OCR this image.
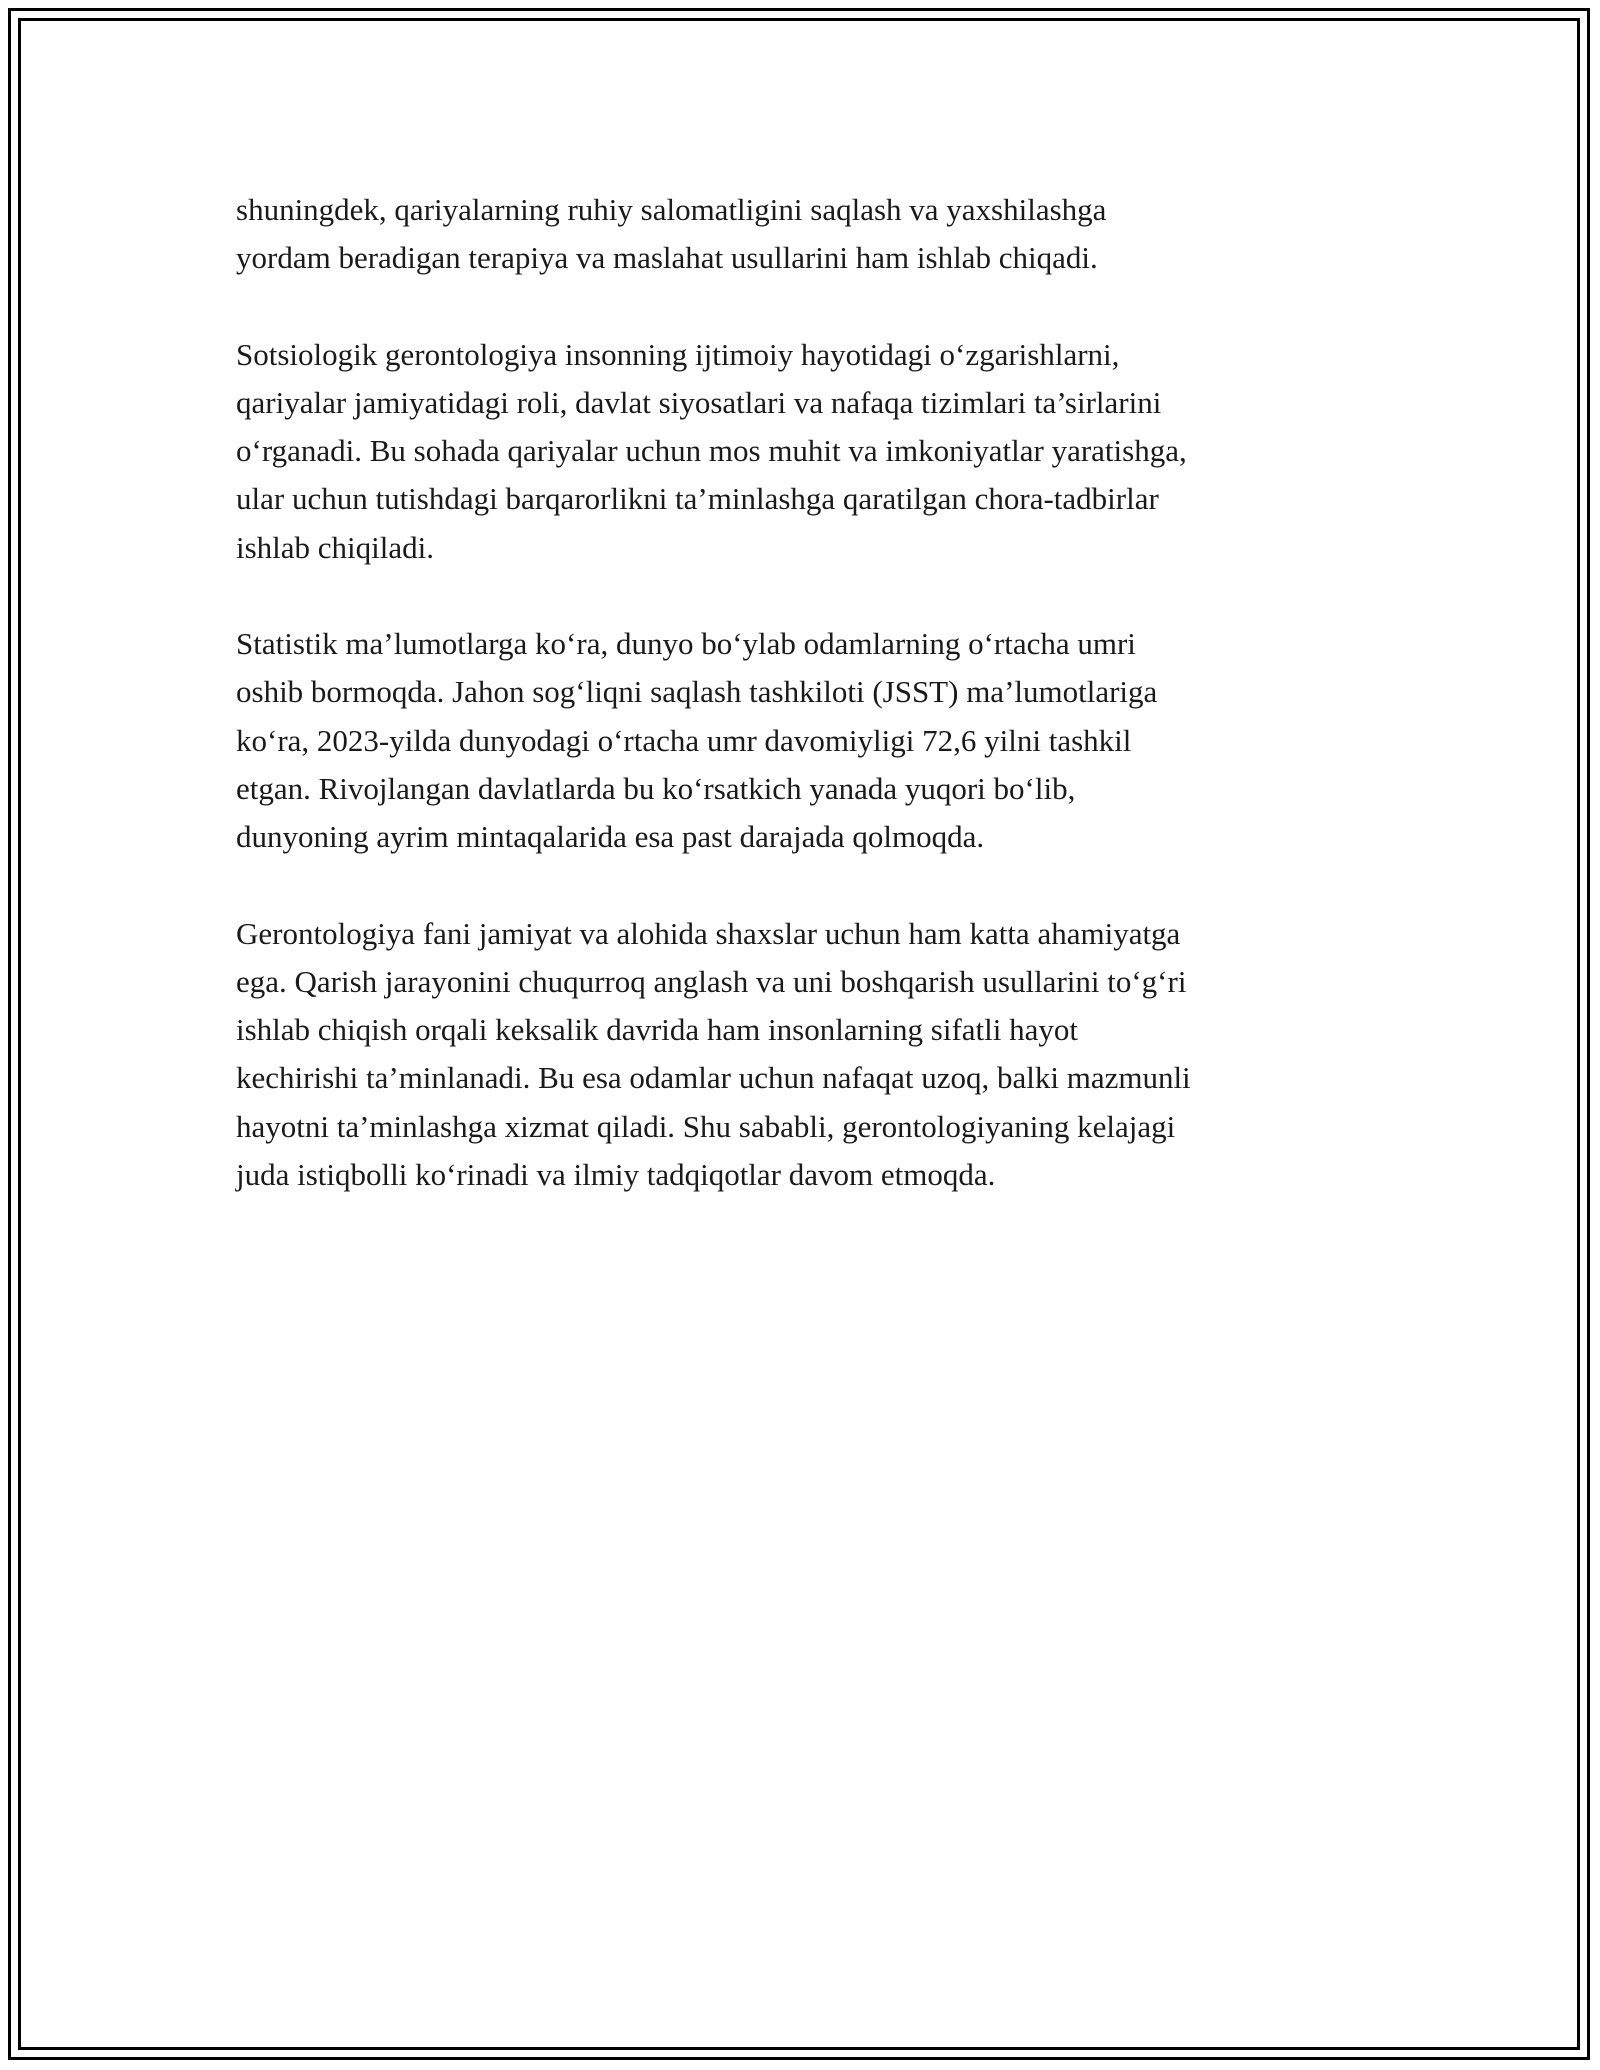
shuningdek, qariyalarning ruhiy salomatligini saqlash va yaxshilashga
yordam beradigan terapiya va maslahat usullarini ham ishlab chiqadi.

Sotsiologik gerontologiya insonning ijtimoiy hayotidagi o‘zgarishlarni,
qariyalar jamiyatidagi roli, davlat siyosatlari va nafaqa tizimlari ta’sirlarini
o‘rganadi. Bu sohada qariyalar uchun mos muhit va imkoniyatlar yaratishga,
ular uchun tutishdagi barqarorlikni ta’minlashga qaratilgan chora-tadbirlar
ishlab chiqiladi.

Statistik ma’lumotlarga ko‘ra, dunyo bo‘ylab odamlarning o‘rtacha umri
oshib bormoqda. Jahon sog‘liqni saqlash tashkiloti (JSST) ma’lumotlariga
ko‘ra, 2023-yilda dunyodagi o‘rtacha umr davomiyligi 72,6 yilni tashkil
etgan. Rivojlangan davlatlarda bu ko‘rsatkich yanada yuqori bo‘lib,
dunyoning ayrim mintaqalarida esa past darajada qolmoqda.

Gerontologiya fani jamiyat va alohida shaxslar uchun ham katta ahamiyatga
ega. Qarish jarayonini chuqurroq anglash va uni boshqarish usullarini to‘g‘ri
ishlab chiqish orqali keksalik davrida ham insonlarning sifatli hayot
kechirishi ta’minlanadi. Bu esa odamlar uchun nafaqat uzoq, balki mazmunli
hayotni ta’minlashga xizmat qiladi. Shu sababli, gerontologiyaning kelajagi
juda istiqbolli ko‘rinadi va ilmiy tadqiqotlar davom etmoqda.
